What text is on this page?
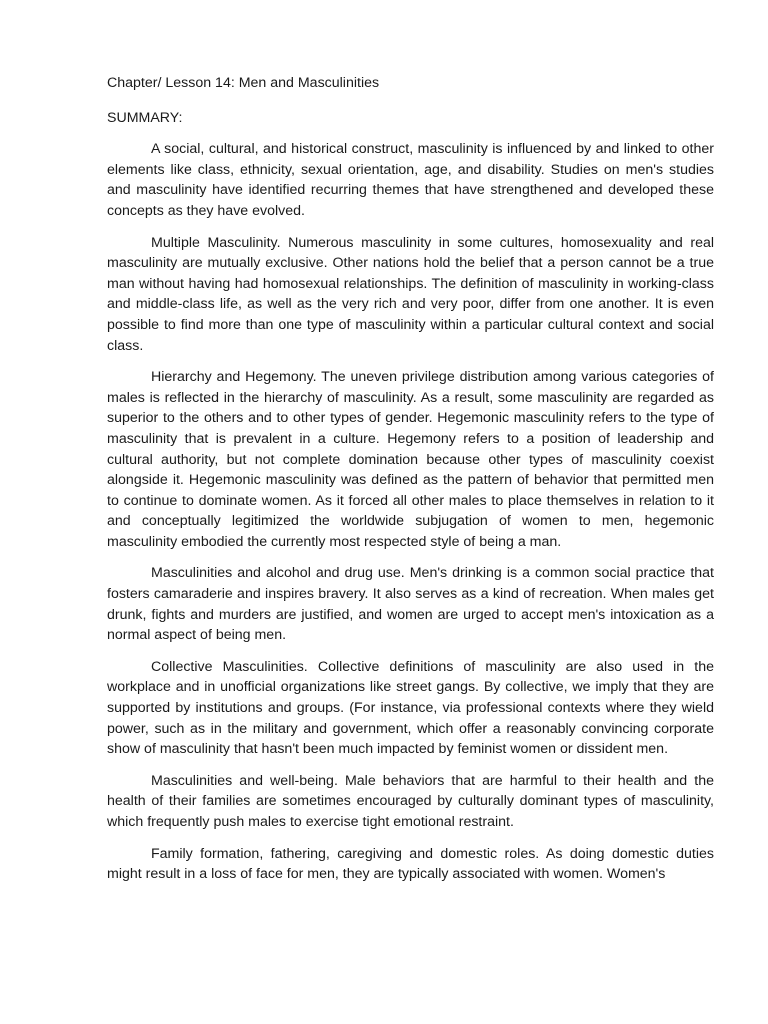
Chapter/ Lesson 14: Men and Masculinities

SUMMARY:

A social, cultural, and historical construct, masculinity is influenced by and linked to other elements like class, ethnicity, sexual orientation, age, and disability. Studies on men's studies and masculinity have identified recurring themes that have strengthened and developed these concepts as they have evolved.

Multiple Masculinity. Numerous masculinity in some cultures, homosexuality and real masculinity are mutually exclusive. Other nations hold the belief that a person cannot be a true man without having had homosexual relationships. The definition of masculinity in working-class and middle-class life, as well as the very rich and very poor, differ from one another. It is even possible to find more than one type of masculinity within a particular cultural context and social class.

Hierarchy and Hegemony. The uneven privilege distribution among various categories of males is reflected in the hierarchy of masculinity. As a result, some masculinity are regarded as superior to the others and to other types of gender. Hegemonic masculinity refers to the type of masculinity that is prevalent in a culture. Hegemony refers to a position of leadership and cultural authority, but not complete domination because other types of masculinity coexist alongside it. Hegemonic masculinity was defined as the pattern of behavior that permitted men to continue to dominate women. As it forced all other males to place themselves in relation to it and conceptually legitimized the worldwide subjugation of women to men, hegemonic masculinity embodied the currently most respected style of being a man.

Masculinities and alcohol and drug use. Men's drinking is a common social practice that fosters camaraderie and inspires bravery. It also serves as a kind of recreation. When males get drunk, fights and murders are justified, and women are urged to accept men's intoxication as a normal aspect of being men.

Collective Masculinities. Collective definitions of masculinity are also used in the workplace and in unofficial organizations like street gangs. By collective, we imply that they are supported by institutions and groups. (For instance, via professional contexts where they wield power, such as in the military and government, which offer a reasonably convincing corporate show of masculinity that hasn't been much impacted by feminist women or dissident men.

Masculinities and well-being. Male behaviors that are harmful to their health and the health of their families are sometimes encouraged by culturally dominant types of masculinity, which frequently push males to exercise tight emotional restraint.

Family formation, fathering, caregiving and domestic roles. As doing domestic duties might result in a loss of face for men, they are typically associated with women. Women's
